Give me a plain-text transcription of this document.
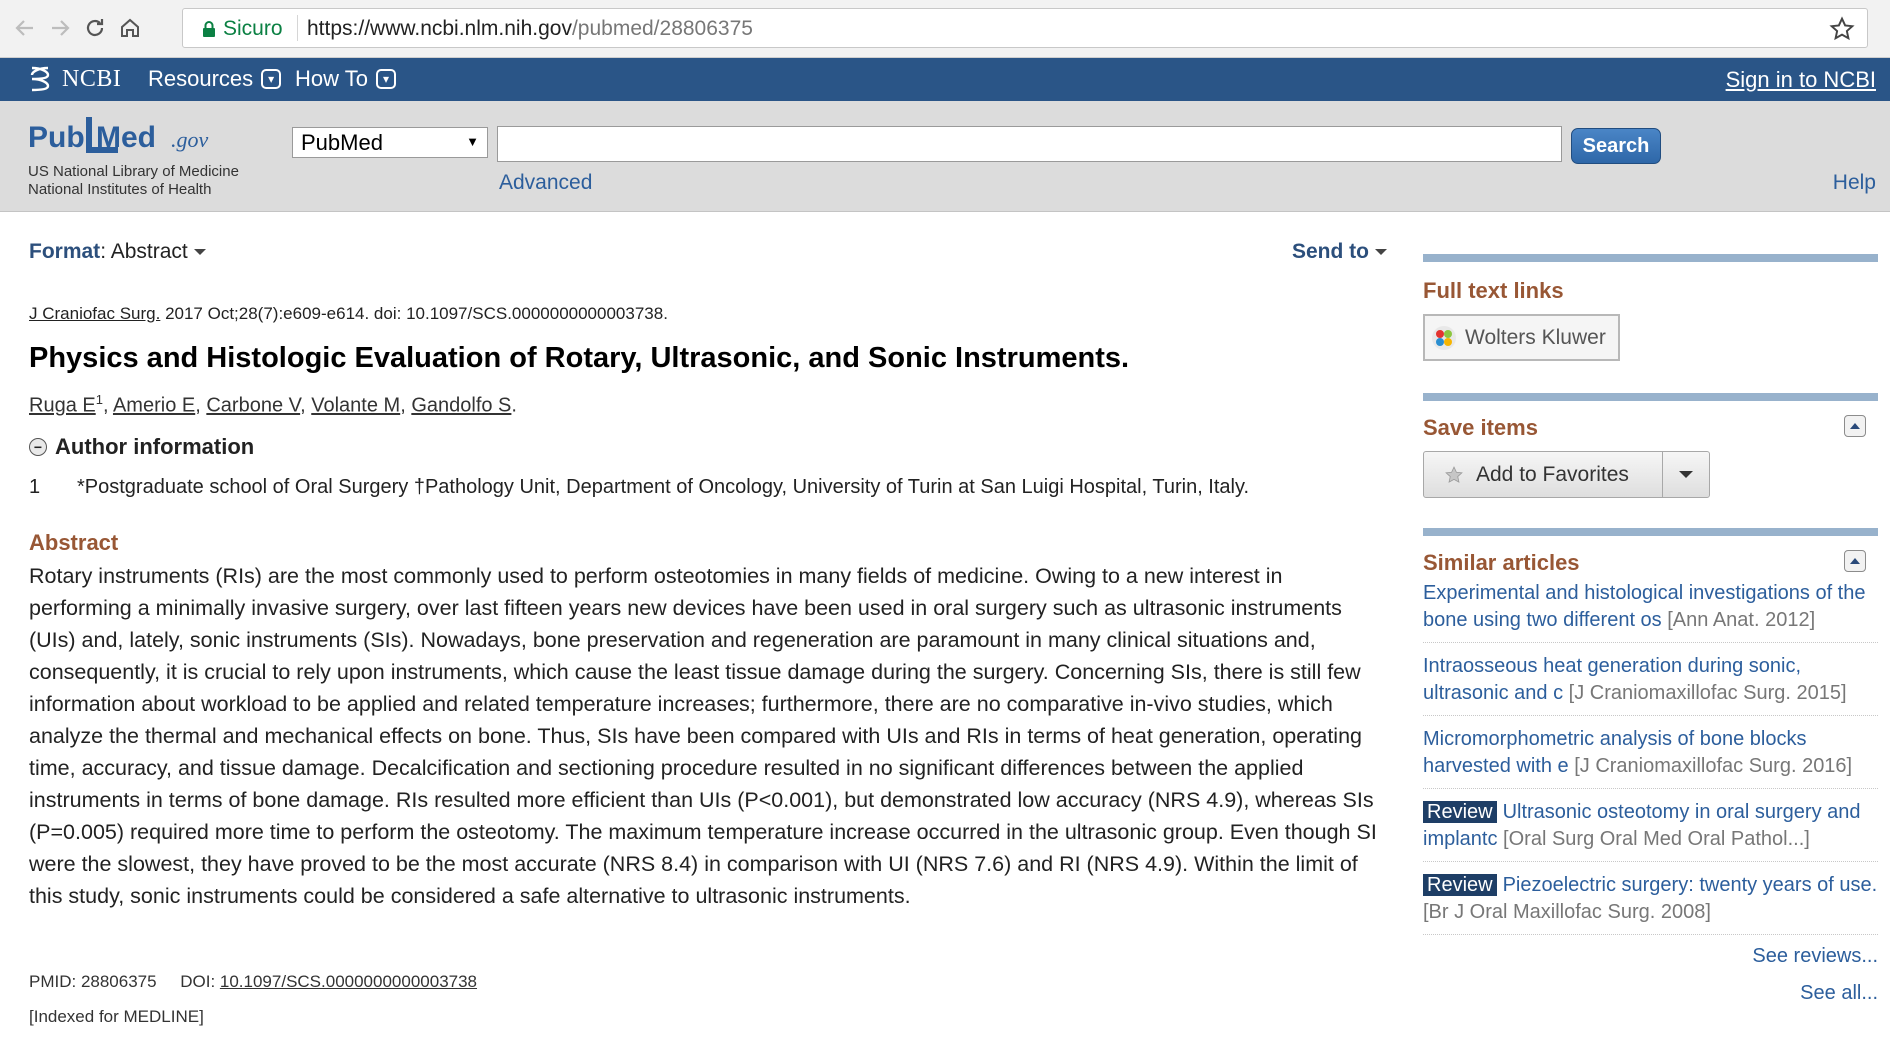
Sicuro https://www.ncbi.nlm.nih.gov/pubmed/28806375
NCBI Resources	▾ How To	▾	Sign in to NCBI
Pub Med .gov
US National Library of Medicine
National Institutes of Health
PubMed	▼	Search
Advanced	Help
Format: Abstract	Send to
J Craniofac Surg. 2017 Oct;28(7):e609-e614. doi: 10.1097/SCS.0000000000003738.
Physics and Histologic Evaluation of Rotary, Ultrasonic, and Sonic Instruments.
Ruga $E^1$, Amerio E, Carbone V, Volante M, Gandolfo S.
− Author information
1 *Postgraduate school of Oral Surgery †Pathology Unit, Department of Oncology, University of Turin at San Luigi Hospital, Turin, Italy.
Abstract

Rotary instruments (RIs) are the most commonly used to perform osteotomies in many fields of medicine. Owing to a new interest in performing a minimally invasive surgery, over last fifteen years new devices have been used in oral surgery such as ultrasonic instruments (UIs) and, lately, sonic instruments (SIs). Nowadays, bone preservation and regeneration are paramount in many clinical situations and, consequently, it is crucial to rely upon instruments, which cause the least tissue damage during the surgery. Concerning SIs, there is still few information about workload to be applied and related temperature increases; furthermore, there are no comparative in-vivo studies, which analyze the thermal and mechanical effects on bone. Thus, SIs have been compared with UIs and RIs in terms of heat generation, operating time, accuracy, and tissue damage. Decalcification and sectioning procedure resulted in no significant differences between the applied instruments in terms of bone damage. RIs resulted more efficient than UIs (P<0.001), but demonstrated low accuracy (NRS 4.9), whereas SIs (P=0.005) required more time to perform the osteotomy. The maximum temperature increase occurred in the ultrasonic group. Even though SI were the slowest, they have proved to be the most accurate (NRS 8.4) in comparison with UI (NRS 7.6) and RI (NRS 4.9). Within the limit of this study, sonic instruments could be considered a safe alternative to ultrasonic instruments.

PMID: 28806375 DOI: 10.1097/SCS.0000000000003738
[Indexed for MEDLINE]
Full text links
Wolters Kluwer
Save items
Add to Favorites
Similar articles
Experimental and histological investigations of the bone using two different os [Ann Anat. 2012]
Intraosseous heat generation during sonic, ultrasonic and c [J Craniomaxillofac Surg. 2015]
Micromorphometric analysis of bone blocks harvested with e [J Craniomaxillofac Surg. 2016]
Review Ultrasonic osteotomy in oral surgery and implantc [Oral Surg Oral Med Oral Pathol...]
Review Piezoelectric surgery: twenty years of use. [Br J Oral Maxillofac Surg. 2008]
See reviews...
See all...
